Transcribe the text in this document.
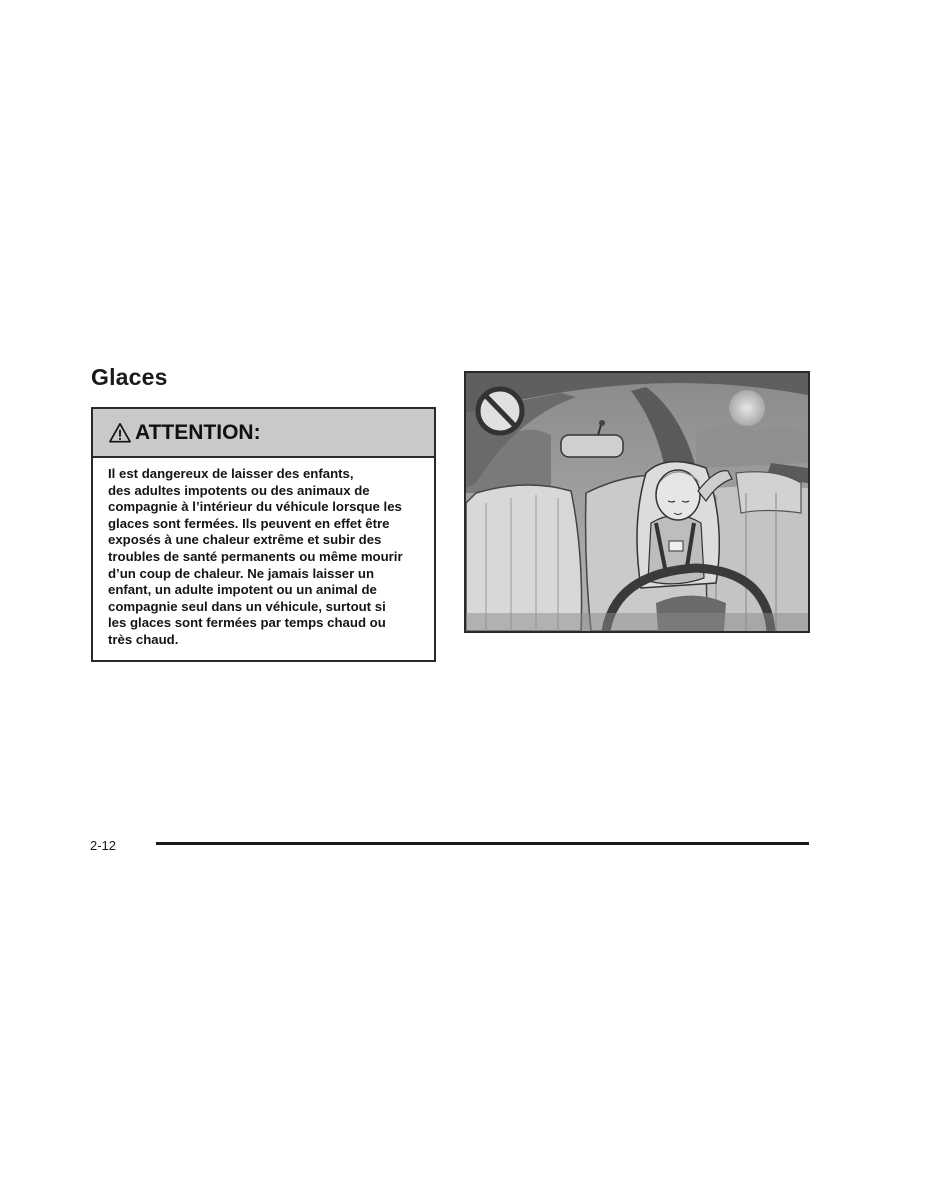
Glaces
ATTENTION:

Il est dangereux de laisser des enfants,
des adultes impotents ou des animaux de
compagnie à l’intérieur du véhicule lorsque les
glaces sont fermées. Ils peuvent en effet être
exposés à une chaleur extrême et subir des
troubles de santé permanents ou même mourir
d’un coup de chaleur. Ne jamais laisser un
enfant, un adulte impotent ou un animal de
compagnie seul dans un véhicule, surtout si
les glaces sont fermées par temps chaud ou
très chaud.

2-12
